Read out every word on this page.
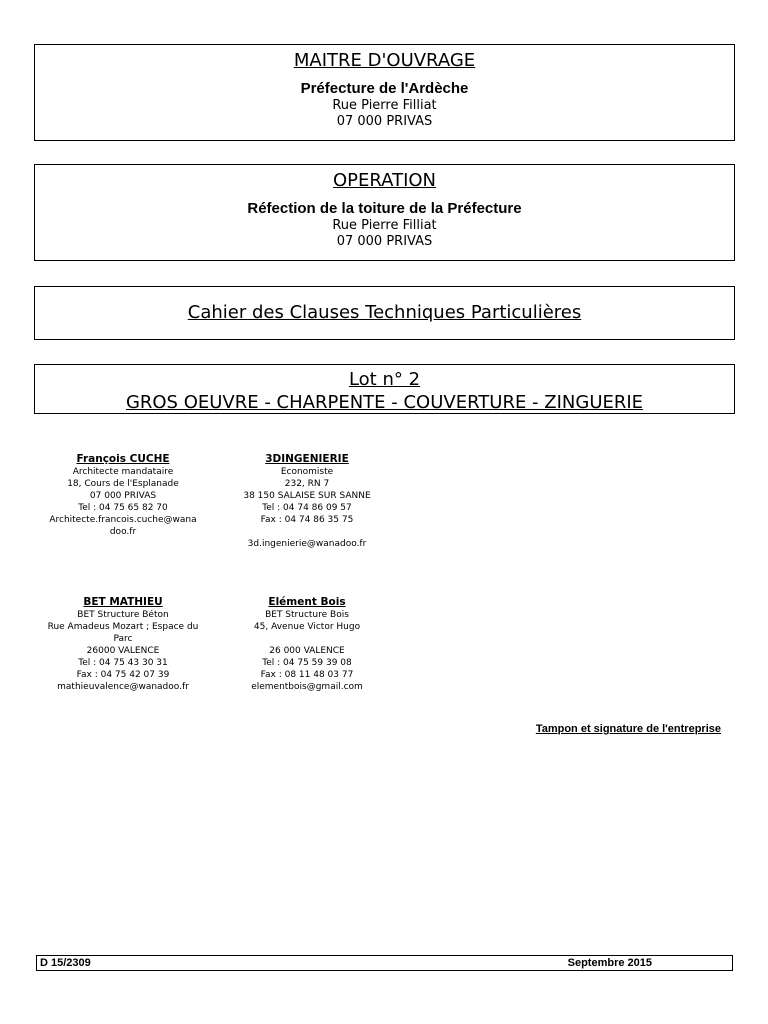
MAITRE D'OUVRAGE
Préfecture de l'Ardèche
Rue Pierre Filliat
07 000 PRIVAS
OPERATION
Réfection de la toiture de la Préfecture
Rue Pierre Filliat
07 000 PRIVAS
Cahier des Clauses Techniques Particulières
Lot n° 2
GROS OEUVRE - CHARPENTE - COUVERTURE - ZINGUERIE
François CUCHE
Architecte mandataire
18, Cours de l'Esplanade
07 000 PRIVAS
Tel : 04 75 65 82 70
Architecte.francois.cuche@wana
doo.fr
3DINGENIERIE
Economiste
232, RN 7
38 150 SALAISE SUR SANNE
Tel : 04 74 86 09 57
Fax : 04 74 86 35 75
3d.ingenierie@wanadoo.fr
BET MATHIEU
BET Structure Béton
Rue Amadeus Mozart ; Espace du
Parc
26000 VALENCE
Tel : 04 75 43 30 31
Fax : 04 75 42 07 39
mathieuvalence@wanadoo.fr
Elément Bois
BET Structure Bois
45, Avenue Victor Hugo
26 000 VALENCE
Tel : 04 75 59 39 08
Fax : 08 11 48 03 77
elementbois@gmail.com
Tampon et signature de l'entreprise
D 15/2309	Septembre 2015
